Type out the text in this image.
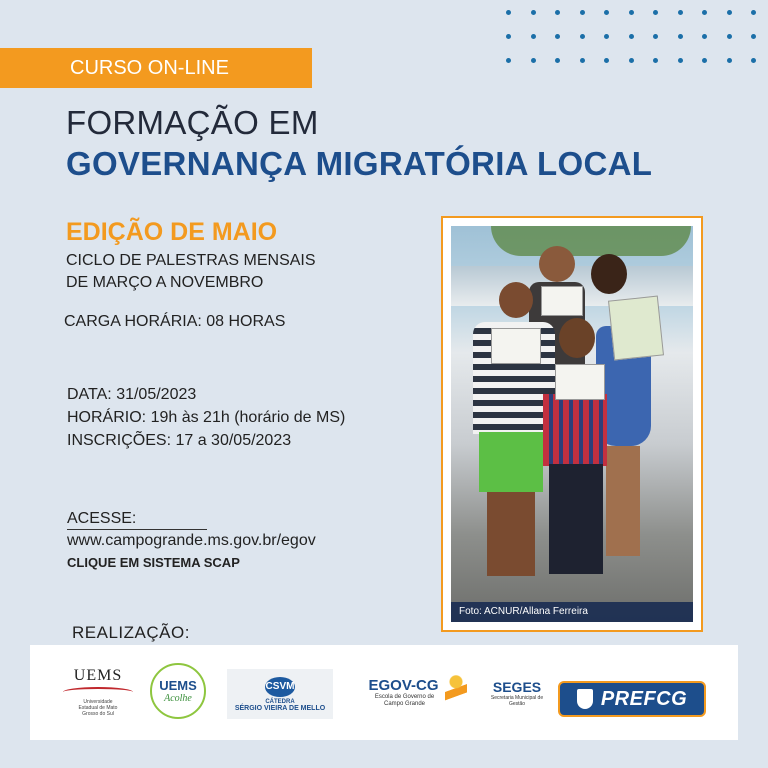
CURSO ON-LINE
FORMAÇÃO EM
GOVERNANÇA MIGRATÓRIA LOCAL
EDIÇÃO DE MAIO
CICLO DE PALESTRAS MENSAIS
DE MARÇO A NOVEMBRO
CARGA HORÁRIA: 08 HORAS
DATA: 31/05/2023
HORÁRIO: 19h às 21h (horário de MS)
INSCRIÇÕES: 17 a 30/05/2023
ACESSE:
www.campogrande.ms.gov.br/egov
CLIQUE EM SISTEMA SCAP
Foto: ACNUR/Allana Ferreira
REALIZAÇÃO:
UEMS
Universidade Estadual de Mato Grosso do Sul
UEMS
Acolhe
CSVM
CÁTEDRA
SÉRGIO VIEIRA DE MELLO
EGOV-CG
Escola de Governo de Campo Grande
SEGES
Secretaria Municipal de Gestão	PREFCG
